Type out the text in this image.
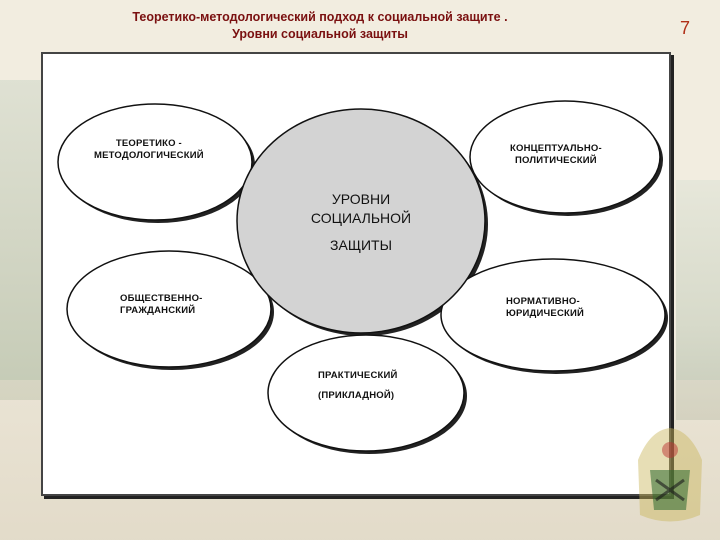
Теоретико-методологический подход к социальной защите .
Уровни социальной защиты	7
ТЕОРЕТИКО -
МЕТОДОЛОГИЧЕСКИЙ
КОНЦЕПТУАЛЬНО-
ПОЛИТИЧЕСКИЙ
ОБЩЕСТВЕННО-
ГРАЖДАНСКИЙ
НОРМАТИВНО-
ЮРИДИЧЕСКИЙ
ПРАКТИЧЕСКИЙ
(ПРИКЛАДНОЙ)
УРОВНИ
СОЦИАЛЬНОЙ
ЗАЩИТЫ
